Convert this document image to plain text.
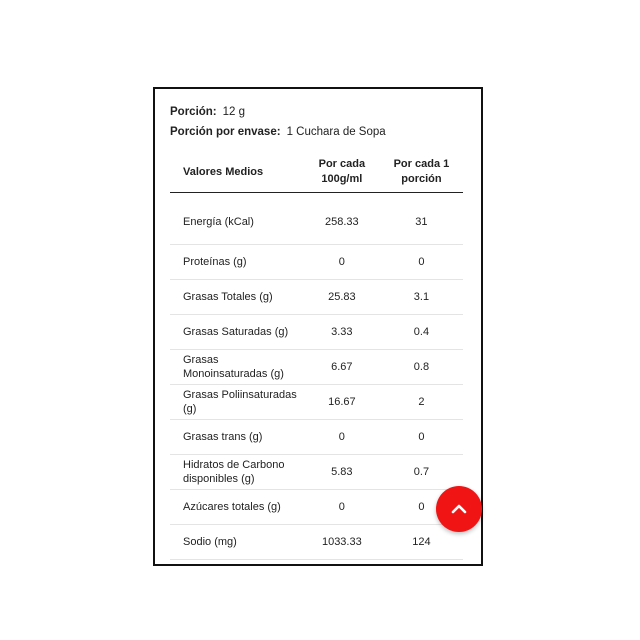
Porción: 12 g
Porción por envase: 1 Cuchara de Sopa
Valores Medios	Por cada 100g/ml	Por cada 1 porción
Energía (kCal)	258.33	31
Proteínas (g)	0	0
Grasas Totales (g)	25.83	3.1
Grasas Saturadas (g)	3.33	0.4
Grasas Monoinsaturadas (g)	6.67	0.8
Grasas Poliinsaturadas (g)	16.67	2
Grasas trans (g)	0	0
Hidratos de Carbono disponibles (g)	5.83	0.7
Azúcares totales (g)	0	0
Sodio (mg)	1033.33	124
